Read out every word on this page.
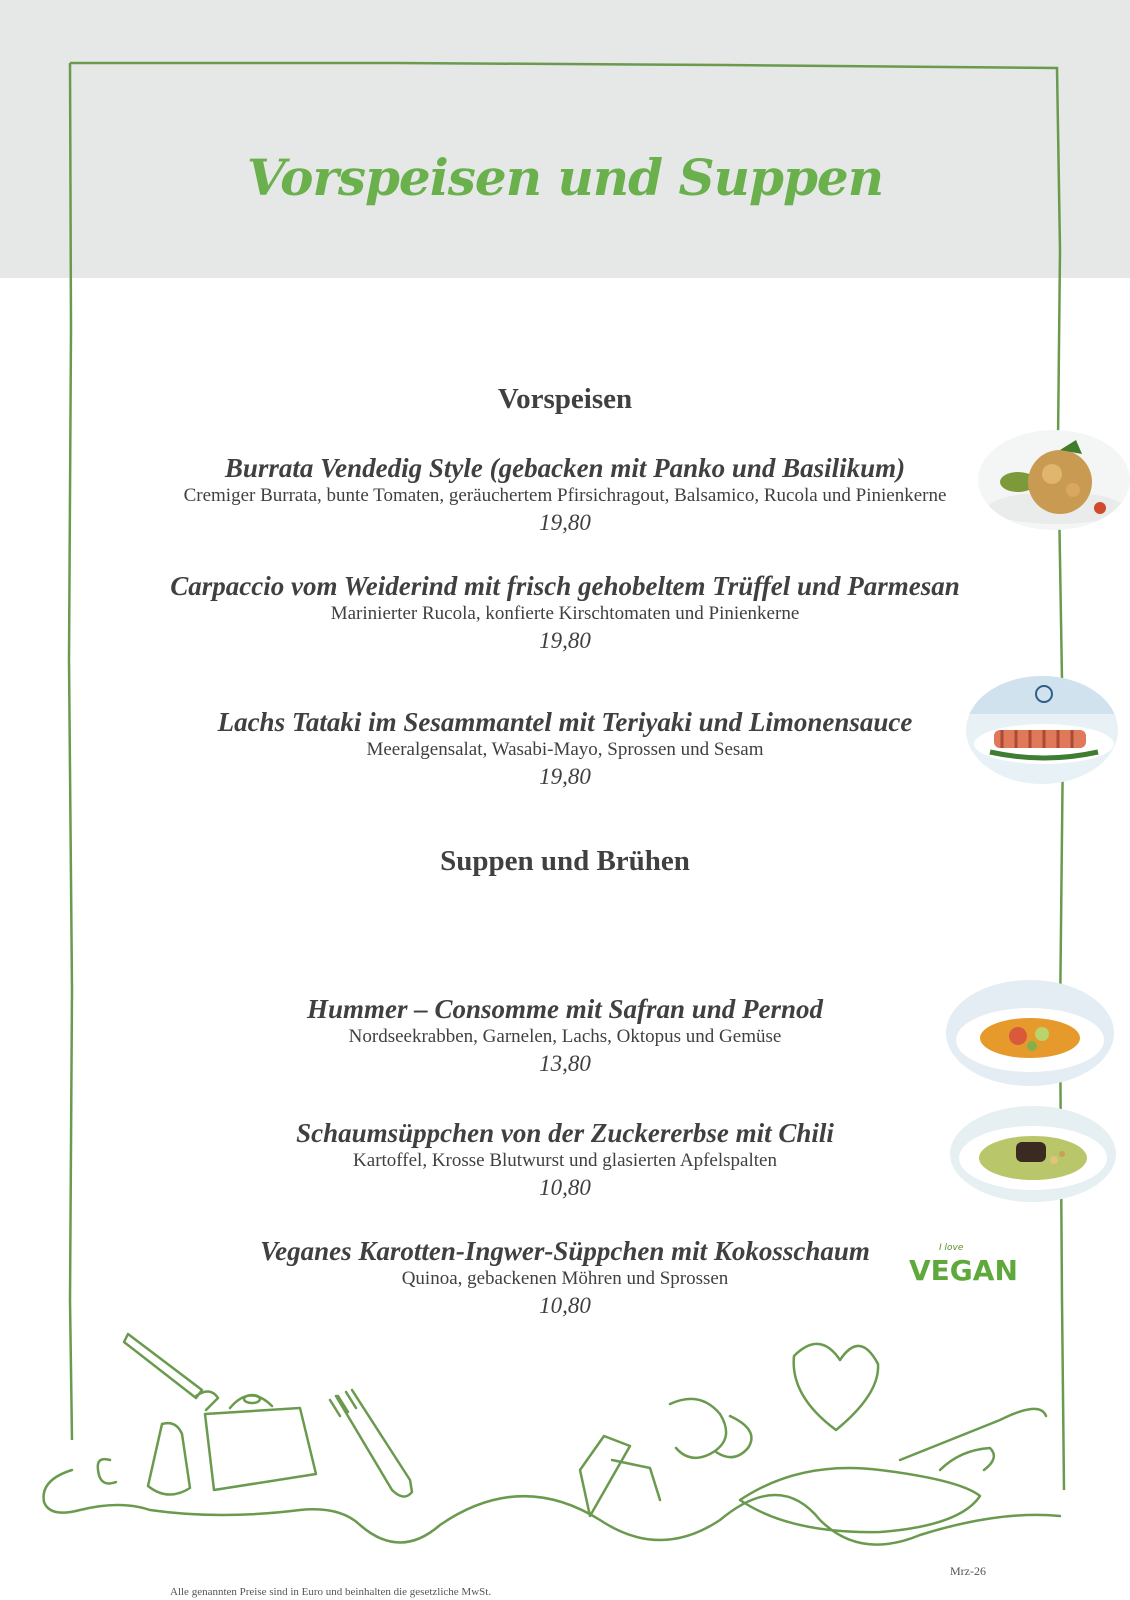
Vorspeisen und Suppen
Vorspeisen
Suppen und Brühen
Burrata Vendedig Style (gebacken mit Panko und Basilikum)
Cremiger Burrata, bunte Tomaten, geräuchertem Pfirsichragout, Balsamico, Rucola und Pinienkerne
19,80
Carpaccio vom Weiderind mit frisch gehobeltem Trüffel und Parmesan
Marinierter Rucola, konfierte Kirschtomaten und Pinienkerne
19,80
Lachs Tataki im Sesammantel mit Teriyaki und Limonensauce
Meeralgensalat, Wasabi-Mayo, Sprossen und Sesam
19,80
Hummer – Consomme mit Safran und Pernod
Nordseekrabben, Garnelen, Lachs, Oktopus und Gemüse
13,80
Schaumsüppchen von der Zuckererbse mit Chili
Kartoffel, Krosse Blutwurst und glasierten Apfelspalten
10,80
Veganes Karotten-Ingwer-Süppchen mit Kokosschaum
Quinoa, gebackenen Möhren und Sprossen
10,80
I love
VEGAN
Mrz-26
Alle genannten Preise sind in Euro und beinhalten die gesetzliche MwSt.
